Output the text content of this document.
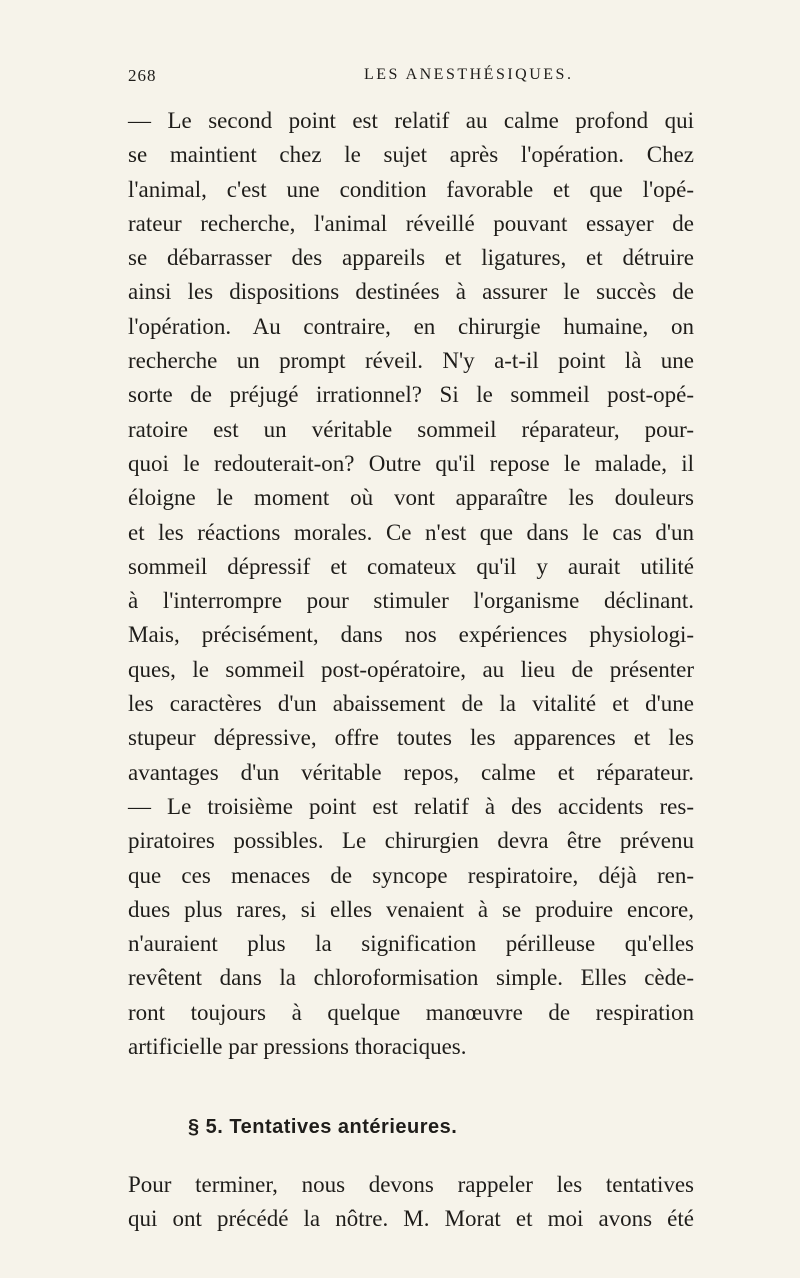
268	LES ANESTHÉSIQUES.
— Le second point est relatif au calme profond qui
se maintient chez le sujet après l'opération. Chez
l'animal, c'est une condition favorable et que l'opé-
rateur recherche, l'animal réveillé pouvant essayer de
se débarrasser des appareils et ligatures, et détruire
ainsi les dispositions destinées à assurer le succès de
l'opération. Au contraire, en chirurgie humaine, on
recherche un prompt réveil. N'y a-t-il point là une
sorte de préjugé irrationnel? Si le sommeil post-opé-
ratoire est un véritable sommeil réparateur, pour-
quoi le redouterait-on? Outre qu'il repose le malade, il
éloigne le moment où vont apparaître les douleurs
et les réactions morales. Ce n'est que dans le cas d'un
sommeil dépressif et comateux qu'il y aurait utilité
à l'interrompre pour stimuler l'organisme déclinant.
Mais, précisément, dans nos expériences physiologi-
ques, le sommeil post-opératoire, au lieu de présenter
les caractères d'un abaissement de la vitalité et d'une
stupeur dépressive, offre toutes les apparences et les
avantages d'un véritable repos, calme et réparateur.
— Le troisième point est relatif à des accidents res-
piratoires possibles. Le chirurgien devra être prévenu
que ces menaces de syncope respiratoire, déjà ren-
dues plus rares, si elles venaient à se produire encore,
n'auraient plus la signification périlleuse qu'elles
revêtent dans la chloroformisation simple. Elles cède-
ront toujours à quelque manœuvre de respiration
artificielle par pressions thoraciques.
§ 5. Tentatives antérieures.
Pour terminer, nous devons rappeler les tentatives
qui ont précédé la nôtre. M. Morat et moi avons été
